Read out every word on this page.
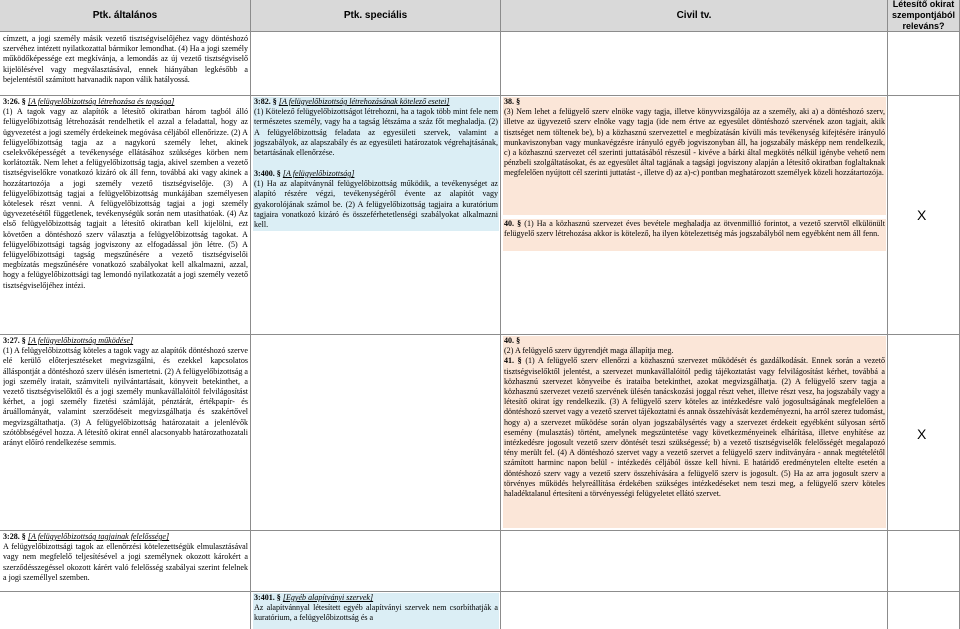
Ptk. általános	Ptk. speciális	Civil tv.
Létesítő okirat szempontjából releváns?
címzett, a jogi személy másik vezető tisztségviselőjéhez vagy döntéshozó szervéhez intézett nyilatkozattal bármikor lemondhat. (4) Ha a jogi személy működőképessége ezt megkívánja, a lemondás az új vezető tisztségviselő kijelölésével vagy megválasztásával, ennek hiányában legkésőbb a bejelentéstől számított hatvanadik napon válik hatályossá.

3:26. § [A felügyelőbizottság létrehozása és tagsága]

(1) A tagok vagy az alapítók a létesítő okiratban három tagból álló felügyelőbizottság létrehozását rendelhetik el azzal a feladattal, hogy az ügyvezetést a jogi személy érdekeinek megóvása céljából ellenőrizze. (2) A felügyelőbizottság tagja az a nagykorú személy lehet, akinek cselekvőképességét a tevékenysége ellátásához szükséges körben nem korlátozták. Nem lehet a felügyelőbizottság tagja, akivel szemben a vezető tisztségviselőkre vonatkozó kizáró ok áll fenn, továbbá aki vagy akinek a hozzátartozója a jogi személy vezető tisztségviselője. (3) A felügyelőbizottság tagjai a felügyelőbizottság munkájában személyesen kötelesek részt venni. A felügyelőbizottság tagjai a jogi személy ügyvezetésétől függetlenek, tevékenységük során nem utasíthatóak. (4) Az első felügyelőbizottság tagjait a létesítő okiratban kell kijelölni, ezt követően a döntéshozó szerv választja a felügyelőbizottság tagokat. A felügyelőbizottsági tagság jogviszony az elfogadással jön létre. (5) A felügyelőbizottsági tagság megszűnésére a vezető tisztségviselői megbízatás megszűnésére vonatkozó szabályokat kell alkalmazni, azzal, hogy a felügyelőbizottsági tag lemondó nyilatkozatát a jogi személy vezető tisztségviselőjéhez intézi.

3:27. § [A felügyelőbizottság működése]

(1) A felügyelőbizottság köteles a tagok vagy az alapítók döntéshozó szerve elé kerülő előterjesztéseket megvizsgálni, és ezekkel kapcsolatos álláspontját a döntéshozó szerv ülésén ismertetni. (2) A felügyelőbizottság a jogi személy iratait, számviteli nyilvántartásait, könyveit betekinthet, a vezető tisztségviselőktől és a jogi személy munkavállalóitól felvilágosítást kérhet, a jogi személy fizetési számláját, pénztárát, értékpapír- és áruállományát, valamint szerződéseit megvizsgálhatja és szakértővel megvizsgáltathatja. (3) A felügyelőbizottság határozatait a jelenlévők szótöbbségével hozza. A létesítő okirat ennél alacsonyabb határozathozatali arányt előíró rendelkezése semmis.

3:28. § [A felügyelőbizottság tagjainak felelőssége]

A felügyelőbizottsági tagok az ellenőrzési kötelezettségük elmulasztásával vagy nem megfelelő teljesítésével a jogi személynek okozott károkért a szerződésszegéssel okozott kárért való felelősség szabályai szerint felelnek a jogi személlyel szemben.

3:82. § [A felügyelőbizottság létrehozásának kötelező esetei]

(1) Kötelező felügyelőbizottságot létrehozni, ha a tagok több mint fele nem természetes személy, vagy ha a tagság létszáma a száz főt meghaladja. (2) A felügyelőbizottság feladata az egyesületi szervek, valamint a jogszabályok, az alapszabály és az egyesületi határozatok végrehajtásának, betartásának ellenőrzése.

3:400. § [A felügyelőbizottság]

(1) Ha az alapítványnál felügyelőbizottság működik, a tevékenységet az alapító részére végzi, tevékenységéről évente az alapítót vagy gyakorolójának számol be. (2) A felügyelőbizottság tagjaira a kuratórium tagjaira vonatkozó kizáró és összeférhetetlenségi szabályokat alkalmazni kell.

3:401. § [Egyéb alapítványi szervek]

Az alapítvánnyal létesített egyéb alapítványi szervek nem csorbíthatják a kuratórium, a felügyelőbizottság és a

38. §

(3) Nem lehet a felügyelő szerv elnöke vagy tagja, illetve könyvvizsgálója az a személy, aki a) a döntéshozó szerv, illetve az ügyvezető szerv elnöke vagy tagja (ide nem értve az egyesület döntéshozó szervének azon tagjait, akik tisztséget nem töltenek be), b) a közhasznú szervezettel e megbízatásán kívüli más tevékenység kifejtésére irányuló munkaviszonyban vagy munkavégzésre irányuló egyéb jogviszonyban áll, ha jogszabály másképp nem rendelkezik, c) a közhasznú szervezet cél szerinti juttatásából részesül - kivéve a bárki által megkötés nélkül igénybe vehető nem pénzbeli szolgáltatásokat, és az egyesület által tagjának a tagsági jogviszony alapján a létesítő okiratban foglaltaknak megfelelően nyújtott cél szerinti juttatást -, illetve d) az a)-c) pontban meghatározott személyek közeli hozzátartozója.

40. § (1) Ha a közhasznú szervezet éves bevétele meghaladja az ötvenmillió forintot, a vezető szervtől elkülönült felügyelő szerv létrehozása akkor is kötelező, ha ilyen kötelezettség más jogszabályból nem egyébként nem áll fenn.

40. §

(2) A felügyelő szerv ügyrendjét maga állapítja meg.

41. § (1) A felügyelő szerv ellenőrzi a közhasznú szervezet működését és gazdálkodását. Ennek során a vezető tisztségviselőktől jelentést, a szervezet munkavállalóitól pedig tájékoztatást vagy felvilágosítást kérhet, továbbá a közhasznú szervezet könyveibe és irataiba betekinthet, azokat megvizsgálhatja. (2) A felügyelő szerv tagja a közhasznú szervezet vezető szervének ülésén tanácskozási joggal részt vehet, illetve részt vesz, ha jogszabály vagy a létesítő okirat így rendelkezik. (3) A felügyelő szerv köteles az intézkedésre való jogosultságának megfelelően a döntéshozó szervet vagy a vezető szervet tájékoztatni és annak összehívását kezdeményezni, ha arról szerez tudomást, hogy a) a szervezet működése során olyan jogszabálysértés vagy a szervezet érdekeit egyébként súlyosan sértő esemény (mulasztás) történt, amelynek megszüntetése vagy következményeinek elhárítása, illetve enyhítése az intézkedésre jogosult vezető szerv döntését teszi szükségessé; b) a vezető tisztségviselők felelősségét megalapozó tény merült fel. (4) A döntéshozó szervet vagy a vezető szervet a felügyelő szerv indítványára - annak megtételétől számított harminc napon belül - intézkedés céljából össze kell hívni. E határidő eredménytelen eltelte esetén a döntéshozó szerv vagy a vezető szerv összehívására a felügyelő szerv is jogosult. (5) Ha az arra jogosult szerv a törvényes működés helyreállítása érdekében szükséges intézkedéseket nem teszi meg, a felügyelő szerv köteles haladéktalanul értesíteni a törvényességi felügyeletet ellátó szervet.

X
X
